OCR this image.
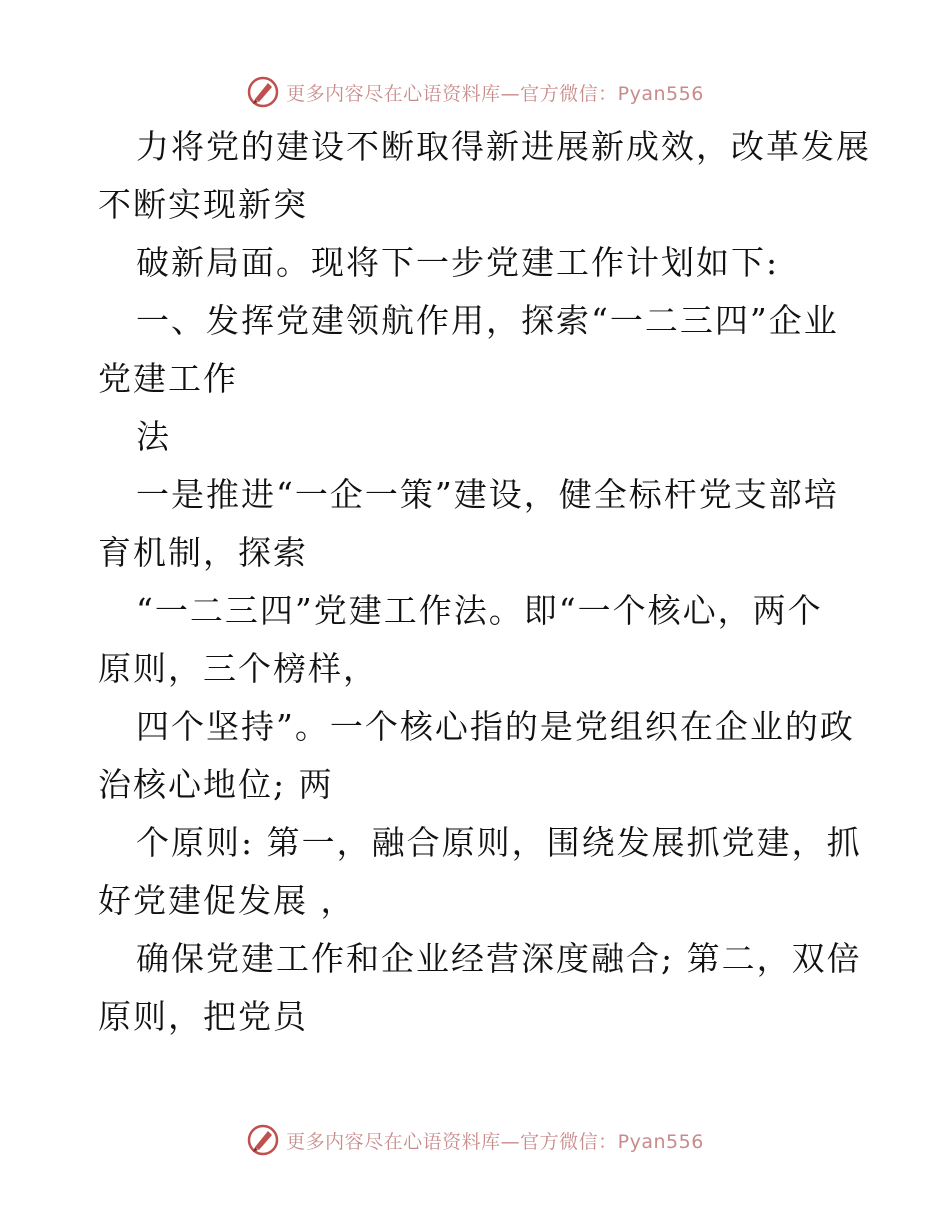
更多内容尽在心语资料库—官方微信：Pyan556
力将党的建设不断取得新进展新成效，改革发展
不断实现新突
破新局面。现将下一步党建工作计划如下:
一、发挥党建领航作用，探索“一二三四”企业
党建工作
法
一是推进“一企一策”建设，健全标杆党支部培
育机制，探索
“一二三四”党建工作法。即“一个核心，两个
原则，三个榜样，
四个坚持”。一个核心指的是党组织在企业的政
治核心地位; 两
个原则: 第一，融合原则，围绕发展抓党建，抓
好党建促发展 ，
确保党建工作和企业经营深度融合; 第二，双倍
原则，把党员
更多内容尽在心语资料库—官方微信：Pyan556
